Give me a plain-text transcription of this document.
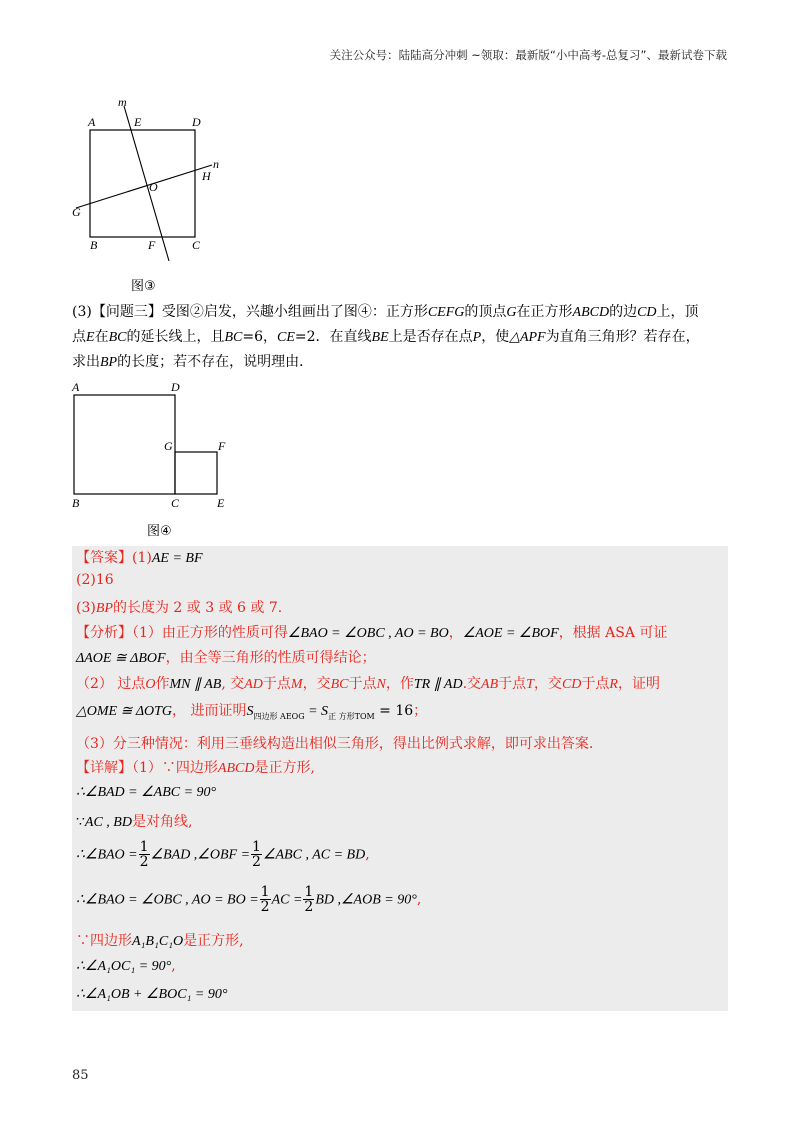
关注公众号：陆陆高分冲刺 ~领取：最新版“小中高考-总复习”、最新试卷下载
A	E	D
m
n
H
O
G
B	F	C
图③
(3)【问题三】受图②启发，兴趣小组画出了图④：正方形CEFG的顶点G在正方形ABCD的边CD上，顶
点E在BC的延长线上，且BC=6，CE=2．在直线BE上是否存在点P，使△APF为直角三角形？若存在，
求出BP的长度；若不存在，说明理由．
A	D
G	F
B	C	E
图④
【答案】(1)AE = BF
(2)16
(3)BP的长度为 2 或 3 或 6 或 7.
【分析】（1）由正方形的性质可得∠BAO = ∠OBC , AO = BO，∠AOE = ∠BOF，根据 ASA 可证
ΔAOE ≅ ΔBOF，由全等三角形的性质可得结论；
（2） 过点O作MN ∥ AB, 交AD于点M，交BC于点N，作TR ∥ AD.交AB于点T，交CD于点R，证明
△OME ≅ ΔOTG， 进而证明$S_{四边形 AEOG} = S_{正 方形TOM} = 16$；
（3）分三种情况：利用三垂线构造出相似三角形，得出比例式求解，即可求出答案.
【详解】（1）∵四边形ABCD是正方形,
∴∠BAD = ∠ABC = 90°
∵AC , BD是对角线,
∴∠BAO = $\frac{1}{2}$ ∠BAD ,∠OBF = $\frac{1}{2}$ ∠ABC , AC = BD,
∴∠BAO = ∠OBC , AO = BO = $\frac{1}{2}$ AC = $\frac{1}{2}$ BD ,∠AOB = 90°,
∵四边形A₁B₁C₁O是正方形,
∴∠A₁OC₁ = 90°,
∴∠A₁OB + ∠BOC₁ = 90°
85
